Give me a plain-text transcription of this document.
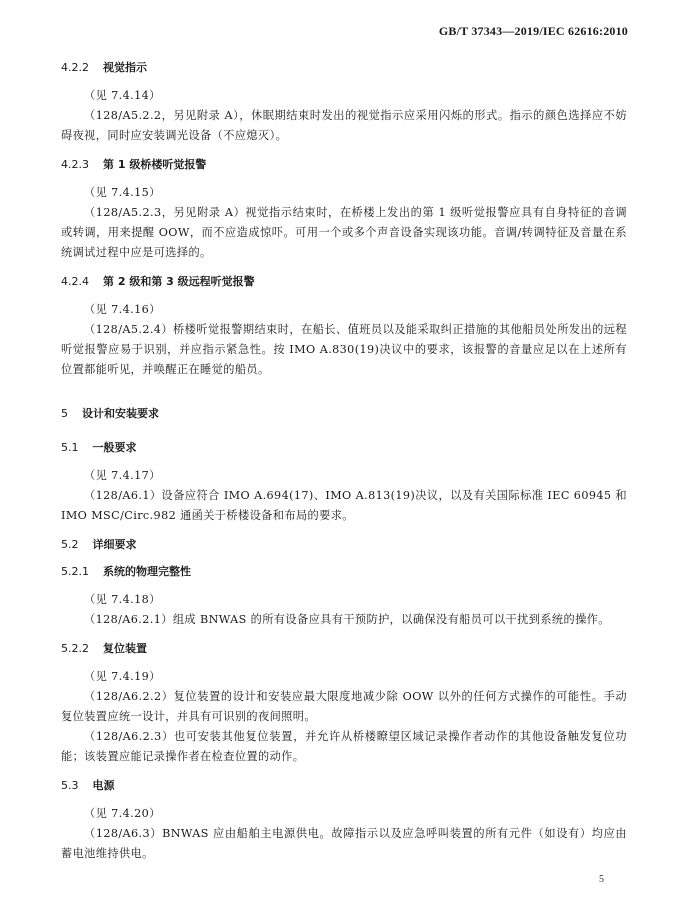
GB/T 37343—2019/IEC 62616:2010
4.2.2 视觉指示

（见 7.4.14）

（128/A5.2.2，另见附录 A），休眠期结束时发出的视觉指示应采用闪烁的形式。指示的颜色选择应不妨碍夜视，同时应安装调光设备（不应熄灭）。

4.2.3 第 1 级桥楼听觉报警

（见 7.4.15）

（128/A5.2.3，另见附录 A）视觉指示结束时，在桥楼上发出的第 1 级听觉报警应具有自身特征的音调或转调，用来提醒 OOW，而不应造成惊吓。可用一个或多个声音设备实现该功能。音调/转调特征及音量在系统调试过程中应是可选择的。

4.2.4 第 2 级和第 3 级远程听觉报警

（见 7.4.16）

（128/A5.2.4）桥楼听觉报警期结束时，在船长、值班员以及能采取纠正措施的其他船员处所发出的远程听觉报警应易于识别，并应指示紧急性。按 IMO A.830(19)决议中的要求，该报警的音量应足以在上述所有位置都能听见，并唤醒正在睡觉的船员。

5 设计和安装要求
5.1 一般要求

（见 7.4.17）

（128/A6.1）设备应符合 IMO A.694(17)、IMO A.813(19)决议，以及有关国际标准 IEC 60945 和 IMO MSC/Circ.982 通函关于桥楼设备和布局的要求。

5.2 详细要求
5.2.1 系统的物理完整性

（见 7.4.18）

（128/A6.2.1）组成 BNWAS 的所有设备应具有干预防护，以确保没有船员可以干扰到系统的操作。

5.2.2 复位装置

（见 7.4.19）

（128/A6.2.2）复位装置的设计和安装应最大限度地减少除 OOW 以外的任何方式操作的可能性。手动复位装置应统一设计，并具有可识别的夜间照明。

（128/A6.2.3）也可安装其他复位装置，并允许从桥楼瞭望区域记录操作者动作的其他设备触发复位功能；该装置应能记录操作者在检查位置的动作。

5.3 电源

（见 7.4.20）

（128/A6.3）BNWAS 应由船舶主电源供电。故障指示以及应急呼叫装置的所有元件（如设有）均应由蓄电池维持供电。

5
